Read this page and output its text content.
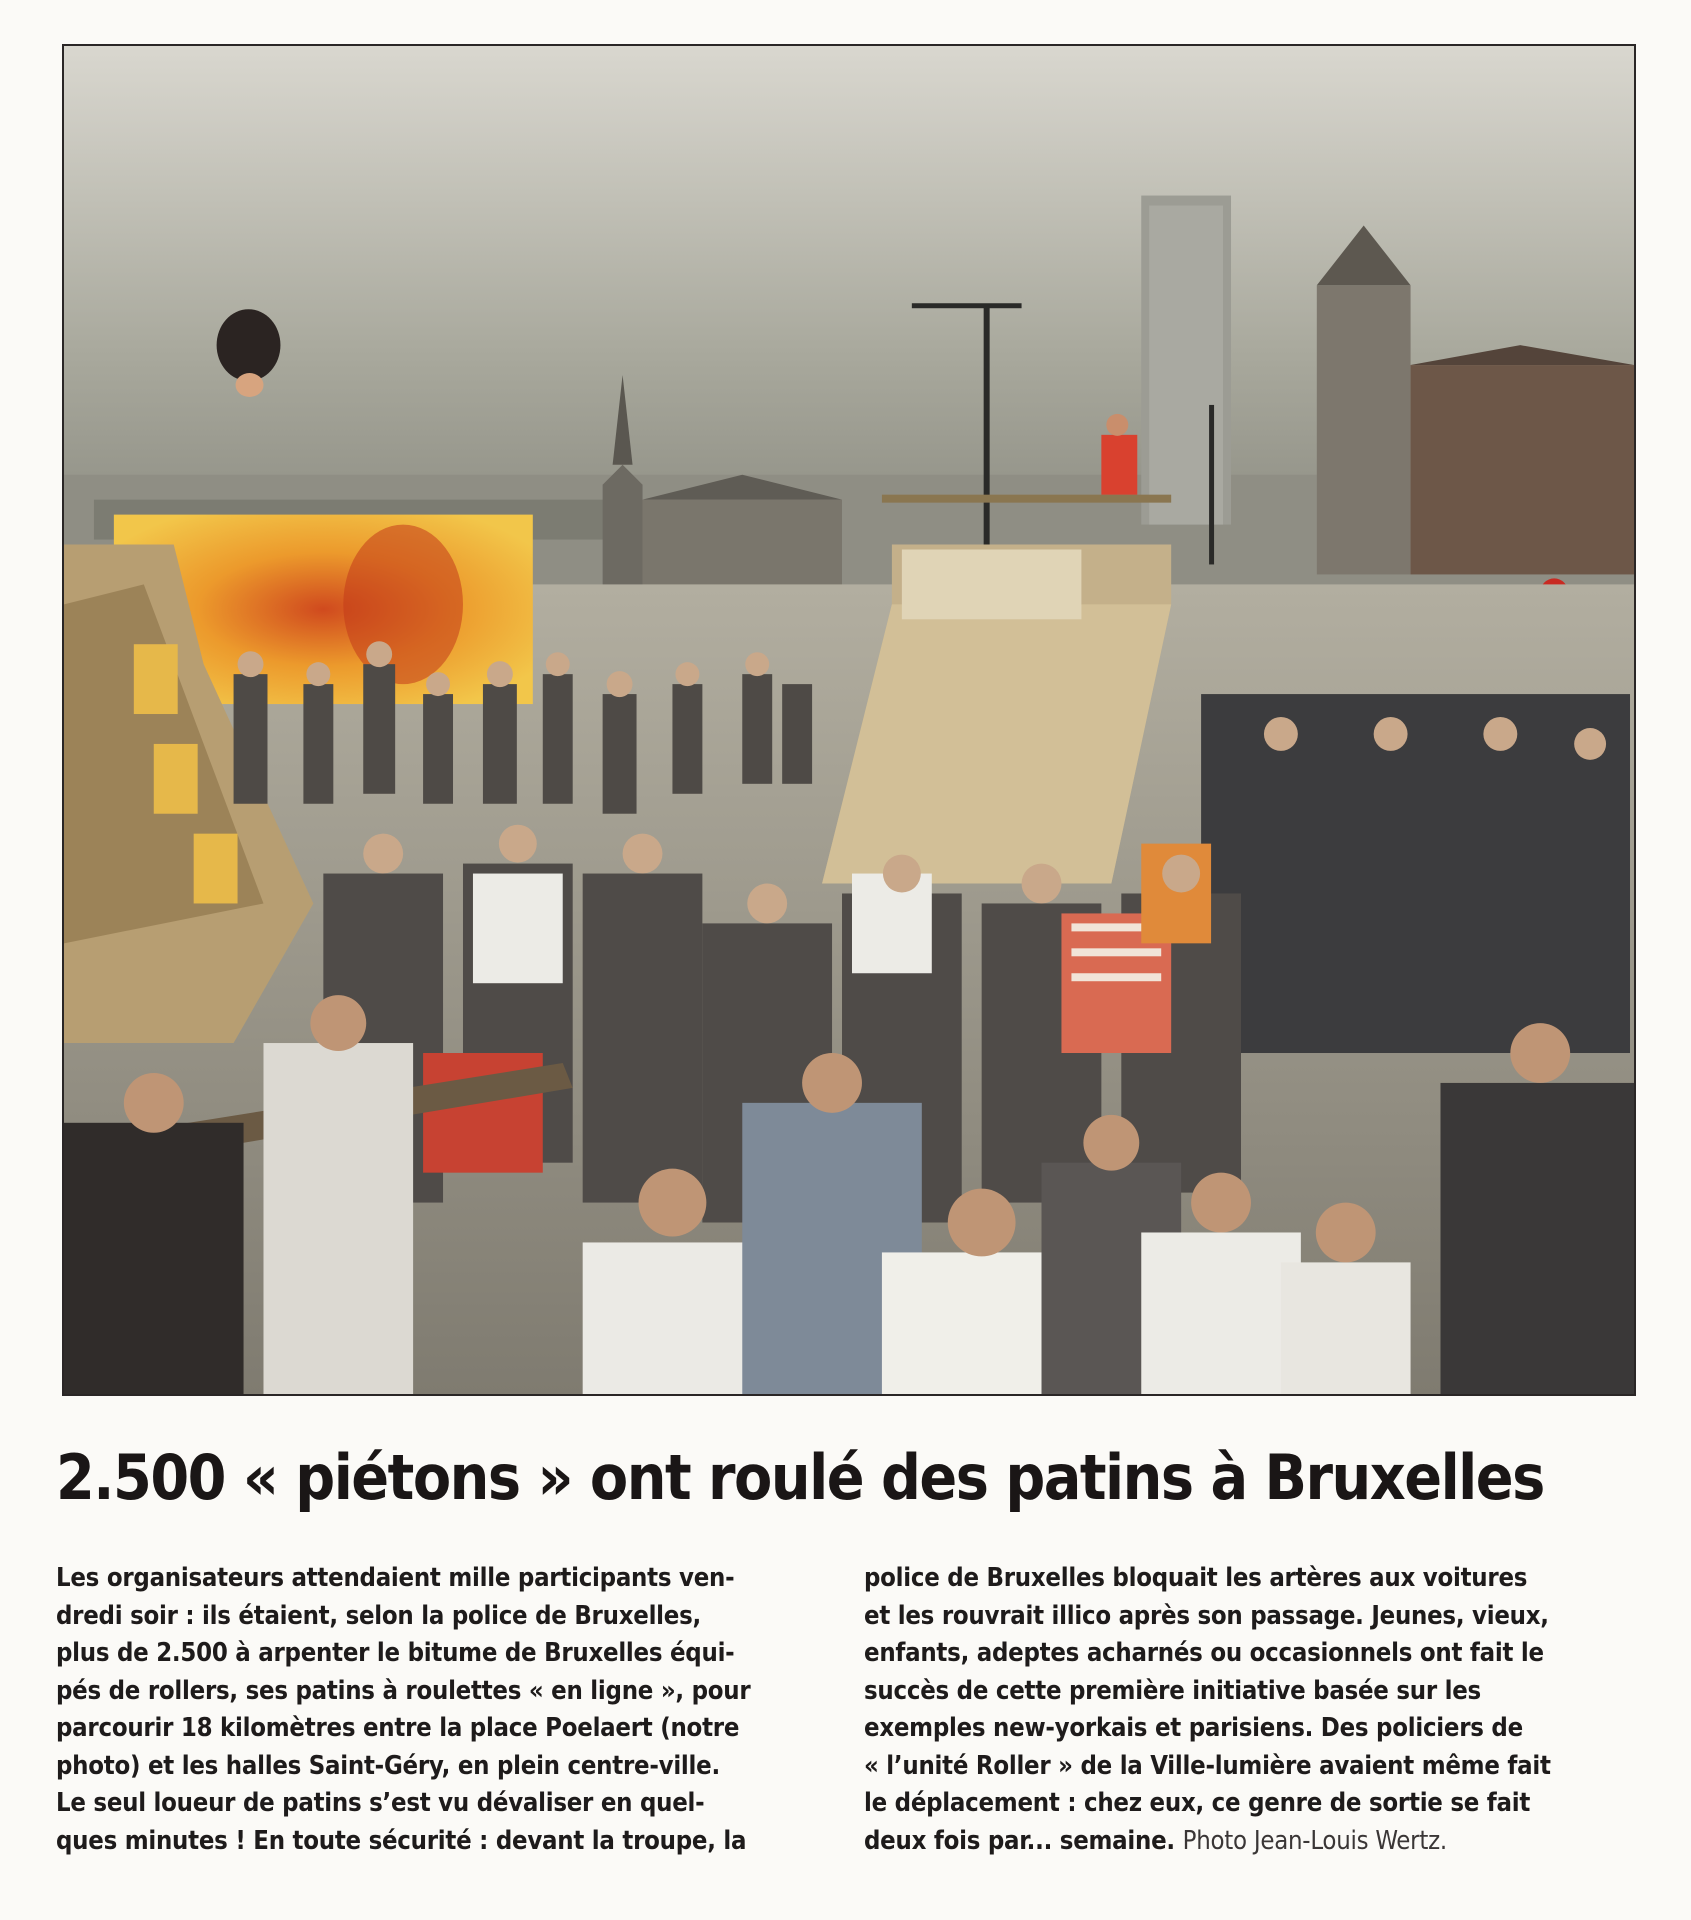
2.500 « piétons » ont roulé des patins à Bruxelles
Les organisateurs attendaient mille participants ven-
dredi soir : ils étaient, selon la police de Bruxelles,
plus de 2.500 à arpenter le bitume de Bruxelles équi-
pés de rollers, ses patins à roulettes « en ligne », pour
parcourir 18 kilomètres entre la place Poelaert (notre
photo) et les halles Saint-Géry, en plein centre-ville.
Le seul loueur de patins s’est vu dévaliser en quel-
ques minutes ! En toute sécurité : devant la troupe, la
police de Bruxelles bloquait les artères aux voitures
et les rouvrait illico après son passage. Jeunes, vieux,
enfants, adeptes acharnés ou occasionnels ont fait le
succès de cette première initiative basée sur les
exemples new-yorkais et parisiens. Des policiers de
« l’unité Roller » de la Ville-lumière avaient même fait
le déplacement : chez eux, ce genre de sortie se fait
deux fois par... semaine. Photo Jean-Louis Wertz.
